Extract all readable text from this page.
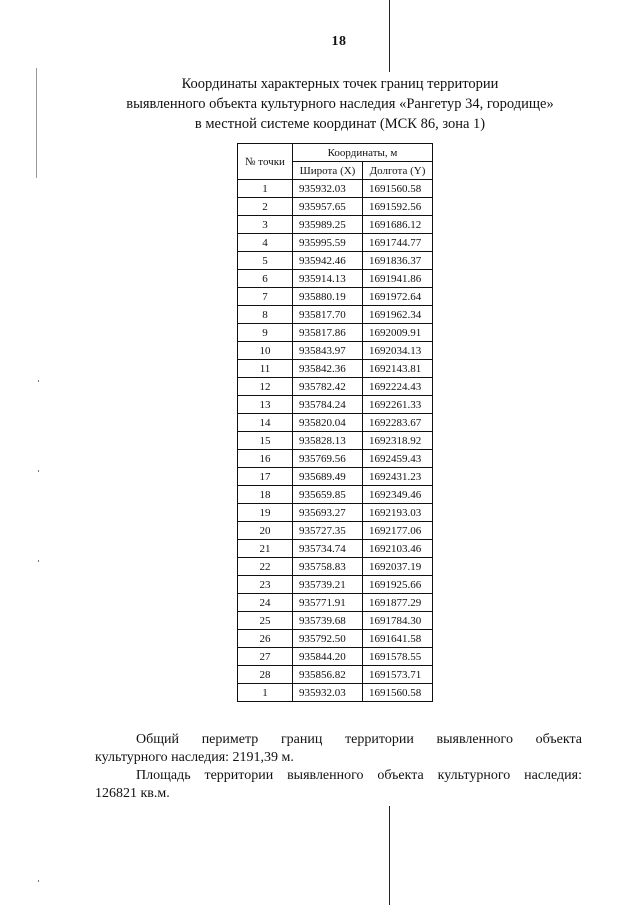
18
Координаты характерных точек границ территории
выявленного объекта культурного наследия «Рангетур 34, городище»
в местной системе координат (МСК 86, зона 1)
№ точки	Координаты, м	
	Широта (X)	Долгота (Y)
1	935932.03	1691560.58
2	935957.65	1691592.56
3	935989.25	1691686.12
4	935995.59	1691744.77
5	935942.46	1691836.37
6	935914.13	1691941.86
7	935880.19	1691972.64
8	935817.70	1691962.34
9	935817.86	1692009.91
10	935843.97	1692034.13
11	935842.36	1692143.81
12	935782.42	1692224.43
13	935784.24	1692261.33
14	935820.04	1692283.67
15	935828.13	1692318.92
16	935769.56	1692459.43
17	935689.49	1692431.23
18	935659.85	1692349.46
19	935693.27	1692193.03
20	935727.35	1692177.06
21	935734.74	1692103.46
22	935758.83	1692037.19
23	935739.21	1691925.66
24	935771.91	1691877.29
25	935739.68	1691784.30
26	935792.50	1691641.58
27	935844.20	1691578.55
28	935856.82	1691573.71
1	935932.03	1691560.58
Общий периметр границ территории выявленного объекта
культурного наследия: 2191,39 м.
Площадь территории выявленного объекта культурного наследия:
126821 кв.м.
